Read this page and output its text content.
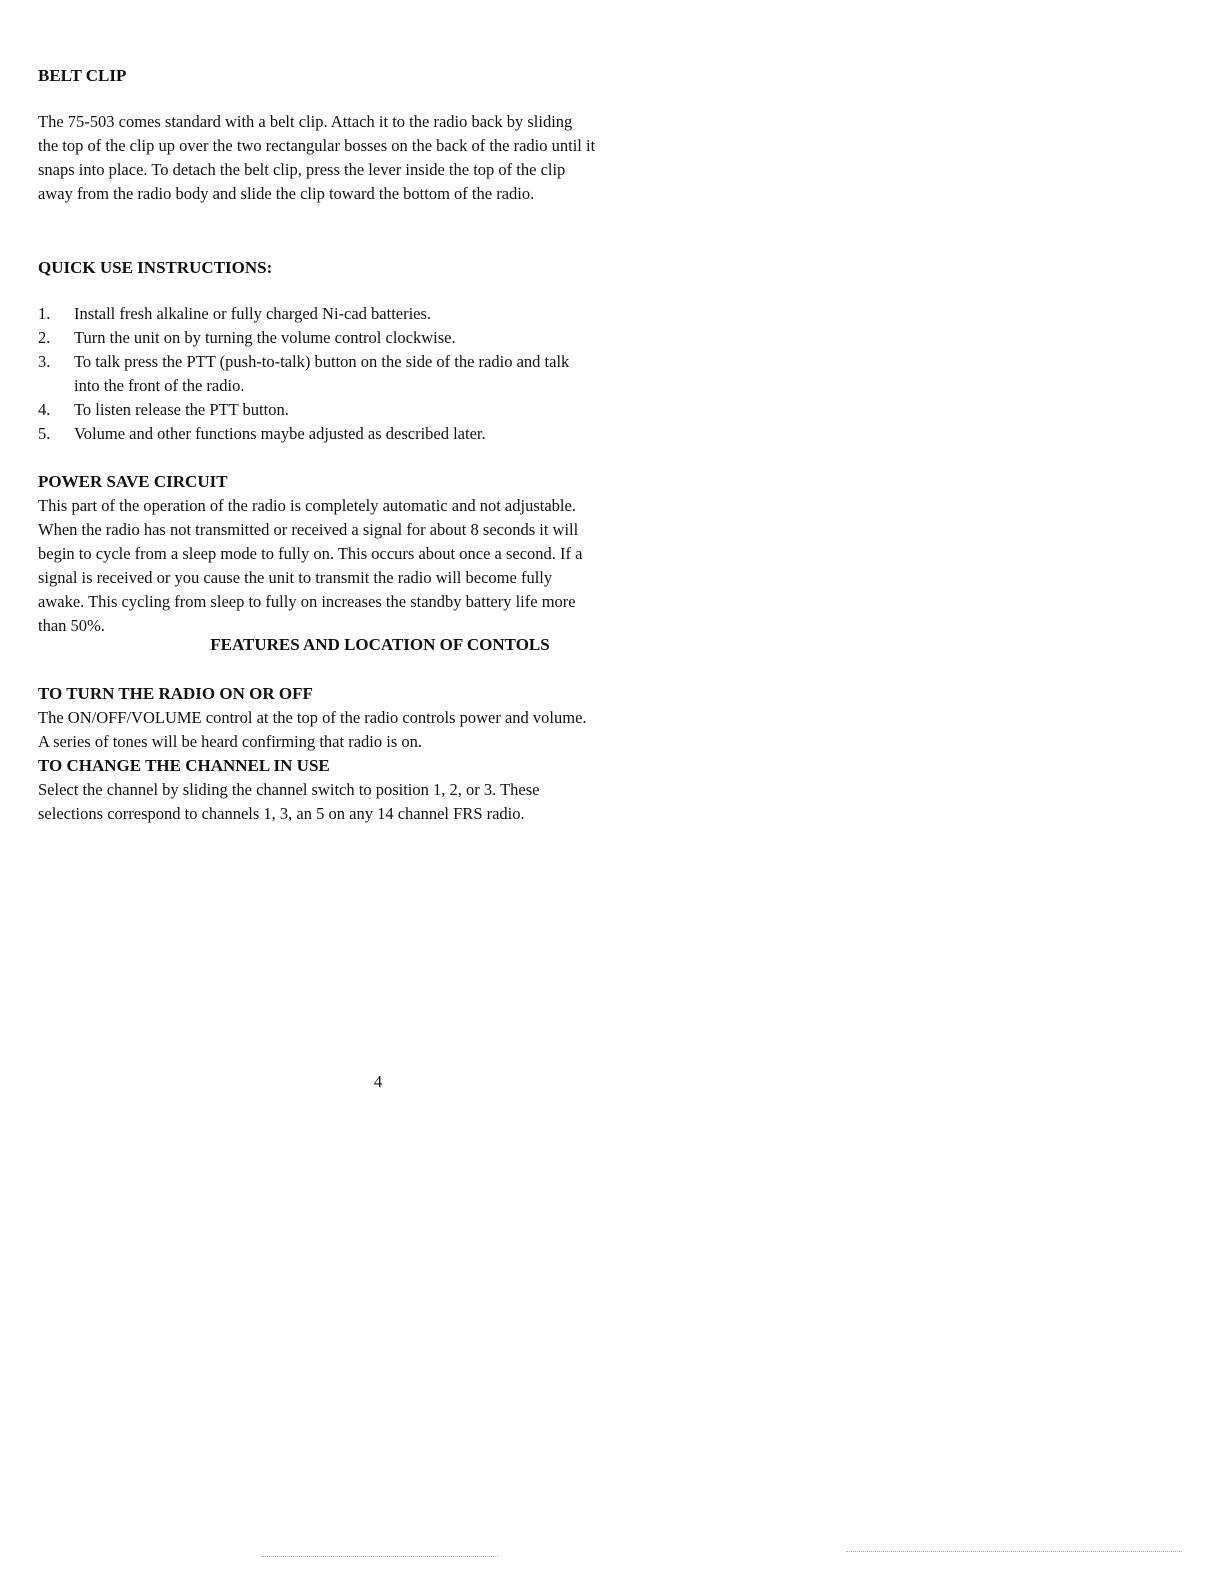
BELT CLIP

The 75-503 comes standard with a belt clip. Attach it to the radio back by sliding
the top of the clip up over the two rectangular bosses on the back of the radio until it
snaps into place. To detach the belt clip, press the lever inside the top of the clip
away from the radio body and slide the clip toward the bottom of the radio.

QUICK USE INSTRUCTIONS:
1. Install fresh alkaline or fully charged Ni-cad batteries.
2. Turn the unit on by turning the volume control clockwise.
3. To talk press the PTT (push-to-talk) button on the side of the radio and talk
into the front of the radio.
4. To listen release the PTT button.
5. Volume and other functions maybe adjusted as described later.
POWER SAVE CIRCUIT

This part of the operation of the radio is completely automatic and not adjustable.
When the radio has not transmitted or received a signal for about 8 seconds it will
begin to cycle from a sleep mode to fully on. This occurs about once a second. If a
signal is received or you cause the unit to transmit the radio will become fully
awake. This cycling from sleep to fully on increases the standby battery life more
than 50%.

FEATURES AND LOCATION OF CONTOLS
TO TURN THE RADIO ON OR OFF

The ON/OFF/VOLUME control at the top of the radio controls power and volume.
A series of tones will be heard confirming that radio is on.

TO CHANGE THE CHANNEL IN USE

Select the channel by sliding the channel switch to position 1, 2, or 3. These
selections correspond to channels 1, 3, an 5 on any 14 channel FRS radio.

4
